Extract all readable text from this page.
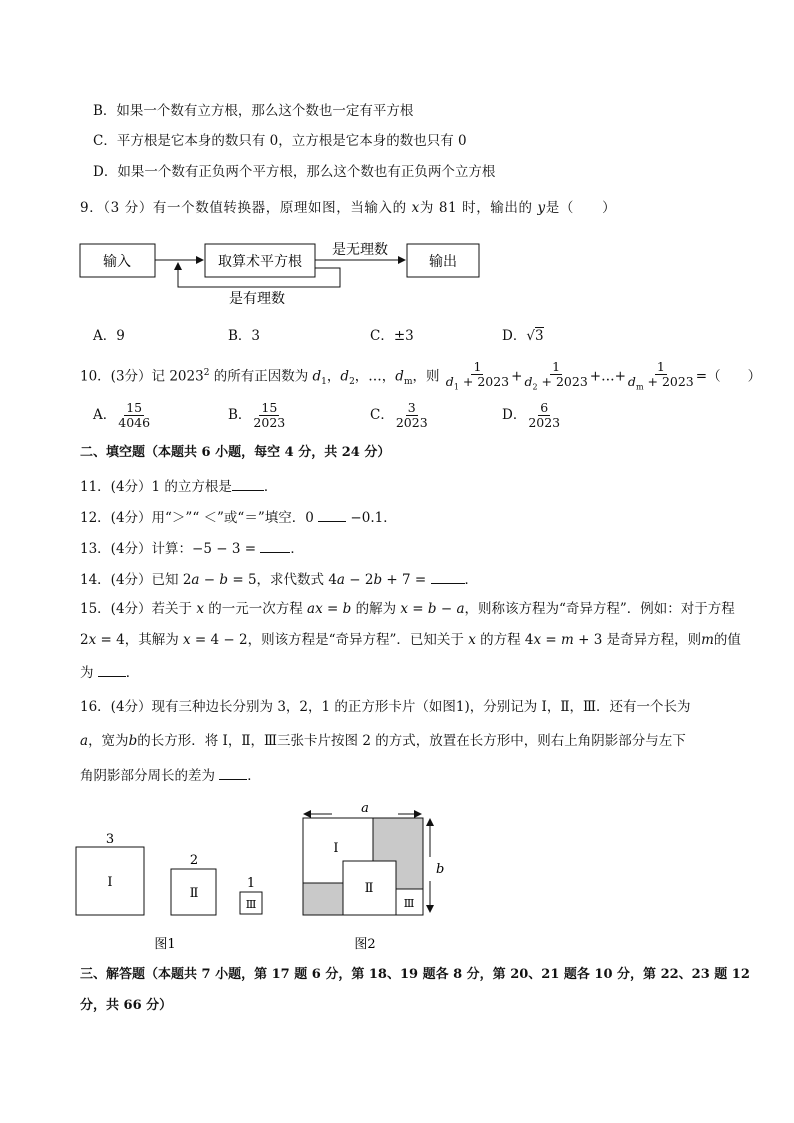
B．如果一个数有立方根，那么这个数也一定有平方根
C．平方根是它本身的数只有 0，立方根是它本身的数也只有 0
D．如果一个数有正负两个平方根，那么这个数也有正负两个立方根
9．（3 分）有一个数值转换器，原理如图，当输入的 x为 81 时，输出的 y是（　　）
输入	取算术平方根
是无理数
输出
是有理数
A．9	B．3	C．±3	D．√3
10．(3分）记 2023$^2$ 的所有正因数为 $d_1$，$d_2$，…，$d_m$，则 $\frac{1}{d_1 + 2023} + \frac{1}{d_2 + 2023}$ +…+ $\frac{1}{d_m + 2023}$ =（　　）
A． $\frac{15}{4046}$	B． $\frac{15}{2023}$	C． $\frac{3}{2023}$	D． $\frac{6}{2023}$
二、填空题（本题共 6 小题，每空 4 分，共 24 分）
11．(4分）1 的立方根是 ．
12．(4分）用“＞”“ ＜”或“＝”填空．0  −0.1．
13．(4分）计算：−5 − 3 = ．
14．(4分）已知 2a − b = 5，求代数式 4a − 2b + 7 =	．
15．(4分）若关于 x 的一元一次方程 ax = b 的解为 x = b − a，则称该方程为“奇异方程”．例如：对于方程
2x = 4，其解为 x = 4 − 2，则该方程是“奇异方程”．已知关于 x 的方程 4x = m + 3 是奇异方程，则m的值
为 ．
16．(4分）现有三种边长分别为 3，2，1 的正方形卡片（如图1)，分别记为 Ⅰ，Ⅱ，Ⅲ．还有一个长为
a，宽为b的长方形．将 Ⅰ，Ⅱ，Ⅲ三张卡片按图 2 的方式，放置在长方形中，则右上角阴影部分与左下
角阴影部分周长的差为 ．
3
Ⅰ
2
Ⅱ
1
Ⅲ
图1
a
b
Ⅰ
Ⅱ
Ⅲ
图2
三、解答题（本题共 7 小题，第 17 题 6 分，第 18、19 题各 8 分，第 20、21 题各 10 分，第 22、23 题 12
分，共 66 分）
